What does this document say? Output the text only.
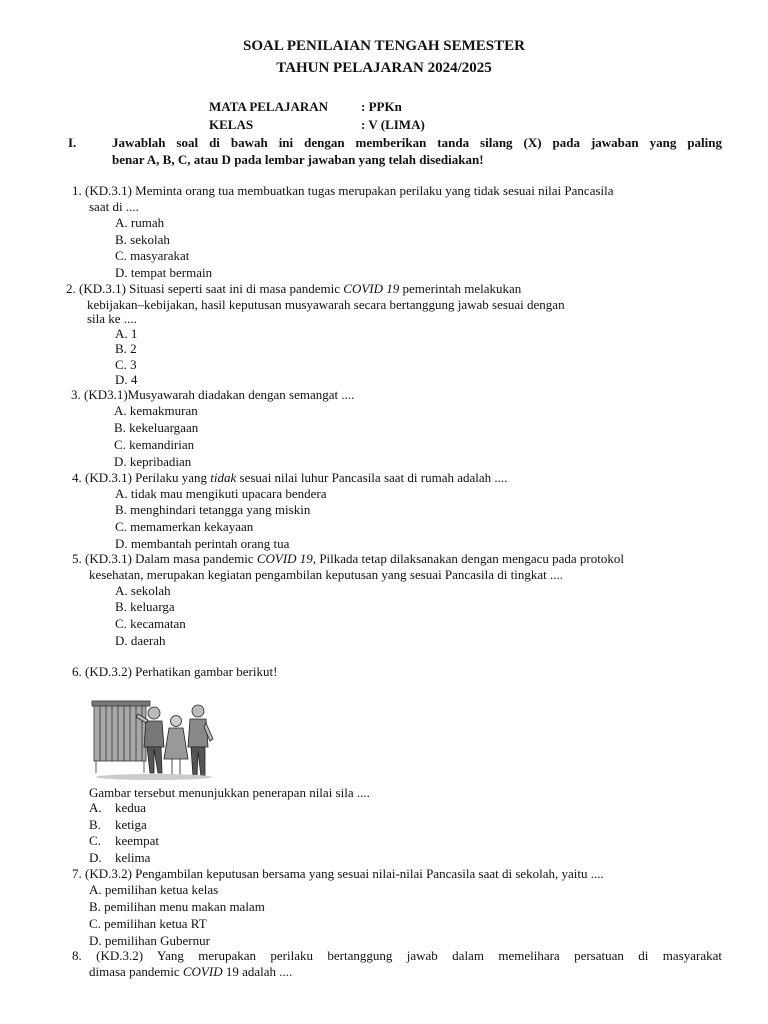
SOAL PENILAIAN TENGAH SEMESTER
TAHUN PELAJARAN 2024/2025
MATA PELAJARAN	: PPKn
KELAS	: V (LIMA)
I.	Jawablah soal di bawah ini dengan memberikan tanda silang (X) pada jawaban yang paling
benar A, B, C, atau D pada lembar jawaban yang telah disediakan!
1. (KD.3.1) Meminta orang tua membuatkan tugas merupakan perilaku yang tidak sesuai nilai Pancasila
saat di ....
A. rumah
B. sekolah
C. masyarakat
D. tempat bermain
2. (KD.3.1) Situasi seperti saat ini di masa pandemic COVID 19 pemerintah melakukan
kebijakan–kebijakan, hasil keputusan musyawarah secara bertanggung jawab sesuai dengan
sila ke ....
A. 1
B. 2
C. 3
D. 4
3. (KD3.1)Musyawarah diadakan dengan semangat ....
A. kemakmuran
B. kekeluargaan
C. kemandirian
D. kepribadian
4. (KD.3.1) Perilaku yang tidak sesuai nilai luhur Pancasila saat di rumah adalah ....
A. tidak mau mengikuti upacara bendera
B. menghindari tetangga yang miskin
C. memamerkan kekayaan
D. membantah perintah orang tua
5. (KD.3.1) Dalam masa pandemic COVID 19, Pilkada tetap dilaksanakan dengan mengacu pada protokol
kesehatan, merupakan kegiatan pengambilan keputusan yang sesuai Pancasila di tingkat ....
A. sekolah
B. keluarga
C. kecamatan
D. daerah
6. (KD.3.2) Perhatikan gambar berikut!
Gambar tersebut menunjukkan penerapan nilai sila ....
A. kedua
B. ketiga
C. keempat
D. kelima
7. (KD.3.2) Pengambilan keputusan bersama yang sesuai nilai-nilai Pancasila saat di sekolah, yaitu ....
A. pemilihan ketua kelas
B. pemilihan menu makan malam
C. pemilihan ketua RT
D. pemilihan Gubernur
8. (KD.3.2) Yang merupakan perilaku bertanggung jawab dalam memelihara persatuan di masyarakat
dimasa pandemic COVID 19 adalah ....
